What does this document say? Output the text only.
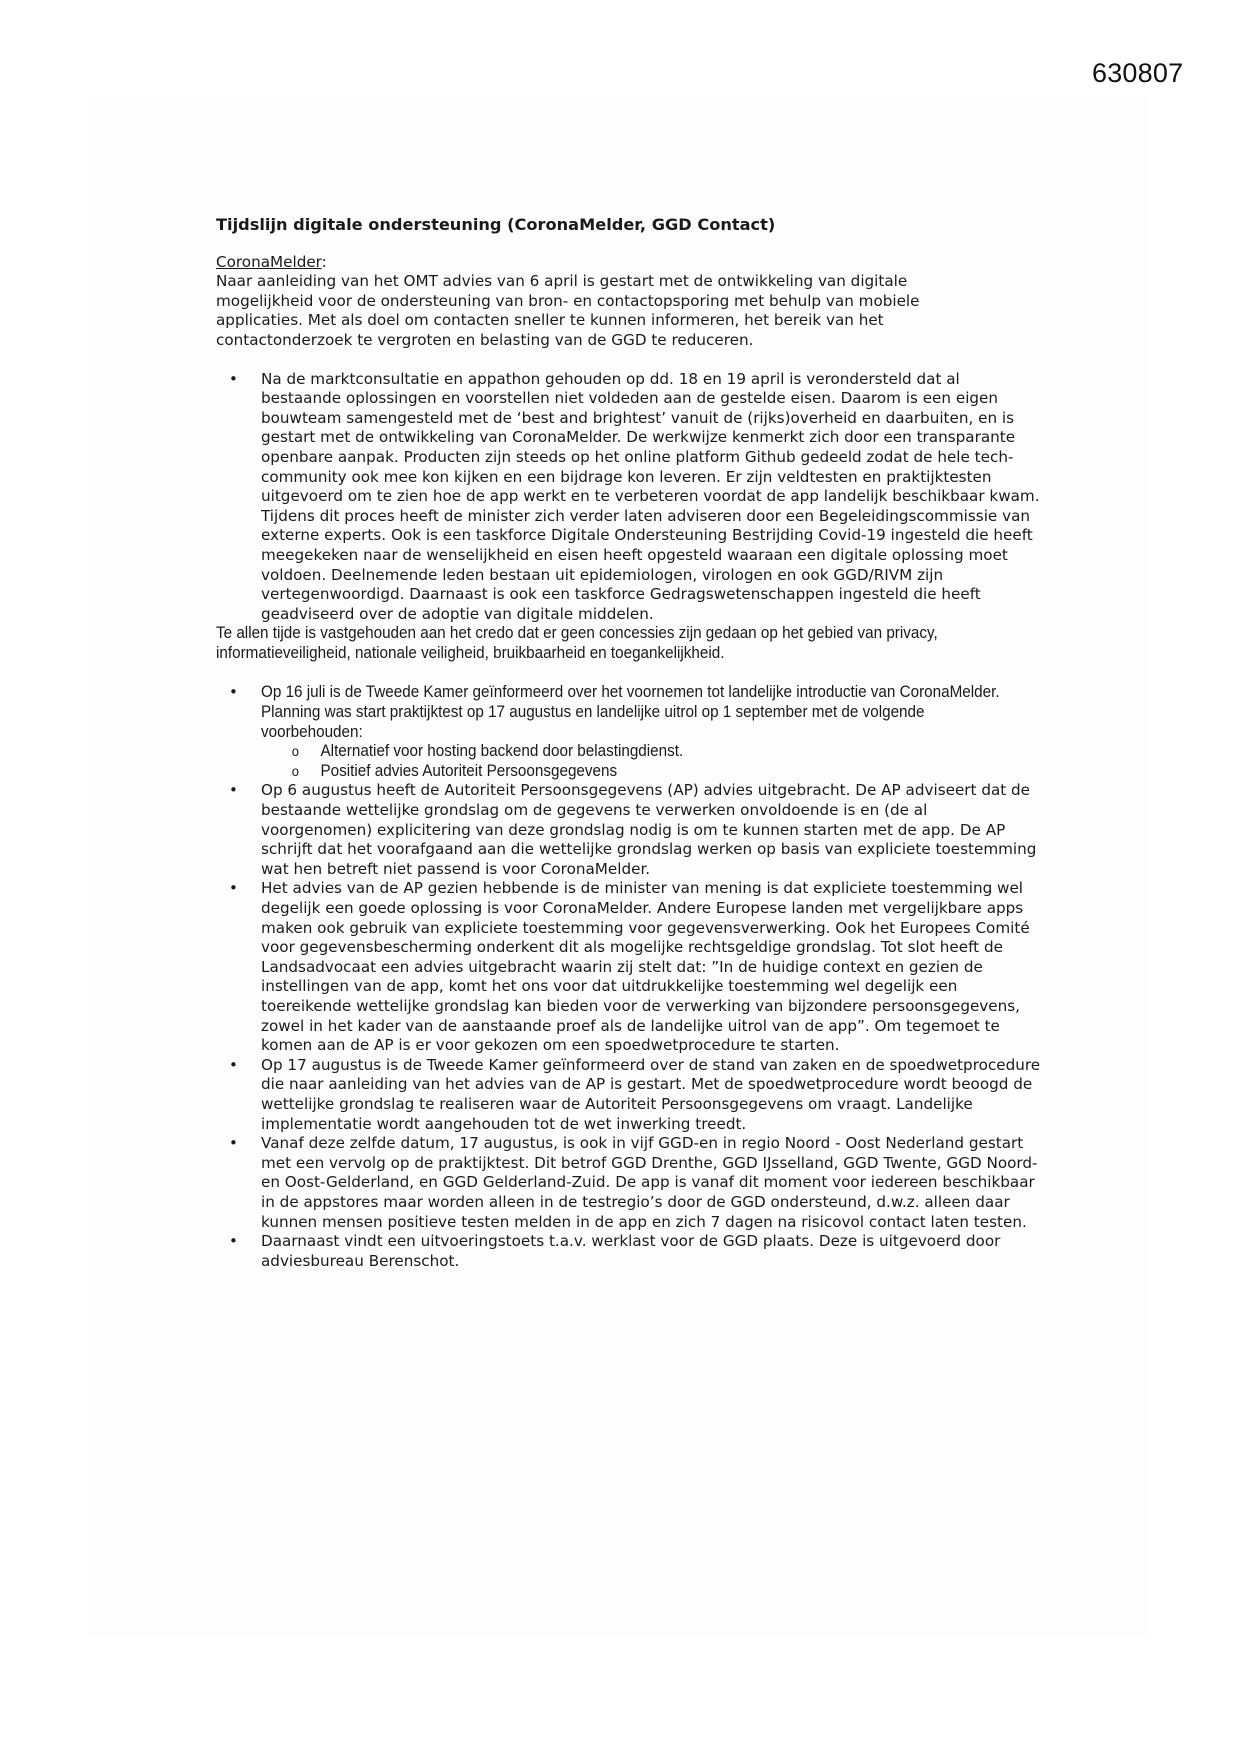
630807
Tijdslijn digitale ondersteuning (CoronaMelder, GGD Contact)
CoronaMelder:

Naar aanleiding van het OMT advies van 6 april is gestart met de ontwikkeling van digitale mogelijkheid voor de ondersteuning van bron- en contactopsporing met behulp van mobiele applicaties. Met als doel om contacten sneller te kunnen informeren, het bereik van het contactonderzoek te vergroten en belasting van de GGD te reduceren.

• Na de marktconsultatie en appathon gehouden op dd. 18 en 19 april is verondersteld dat al bestaande oplossingen en voorstellen niet voldeden aan de gestelde eisen. Daarom is een eigen bouwteam samengesteld met de ‘best and brightest’ vanuit de (rijks)overheid en daarbuiten, en is gestart met de ontwikkeling van CoronaMelder. De werkwijze kenmerkt zich door een transparante openbare aanpak. Producten zijn steeds op het online platform Github gedeeld zodat de hele tech-community ook mee kon kijken en een bijdrage kon leveren. Er zijn veldtesten en praktijktesten uitgevoerd om te zien hoe de app werkt en te verbeteren voordat de app landelijk beschikbaar kwam. Tijdens dit proces heeft de minister zich verder laten adviseren door een Begeleidingscommissie van externe experts. Ook is een taskforce Digitale Ondersteuning Bestrijding Covid-19 ingesteld die heeft meegekeken naar de wenselijkheid en eisen heeft opgesteld waaraan een digitale oplossing moet voldoen. Deelnemende leden bestaan uit epidemiologen, virologen en ook GGD/RIVM zijn vertegenwoordigd. Daarnaast is ook een taskforce Gedragswetenschappen ingesteld die heeft geadviseerd over de adoptie van digitale middelen.

Te allen tijde is vastgehouden aan het credo dat er geen concessies zijn gedaan op het gebied van privacy, informatieveiligheid, nationale veiligheid, bruikbaarheid en toegankelijkheid.

• Op 16 juli is de Tweede Kamer geïnformeerd over het voornemen tot landelijke introductie van CoronaMelder. Planning was start praktijktest op 17 augustus en landelijke uitrol op 1 september met de volgende voorbehouden:
o Alternatief voor hosting backend door belastingdienst.
o Positief advies Autoriteit Persoonsgegevens
• Op 6 augustus heeft de Autoriteit Persoonsgegevens (AP) advies uitgebracht. De AP adviseert dat de bestaande wettelijke grondslag om de gegevens te verwerken onvoldoende is en (de al voorgenomen) explicitering van deze grondslag nodig is om te kunnen starten met de app. De AP schrijft dat het voorafgaand aan die wettelijke grondslag werken op basis van expliciete toestemming wat hen betreft niet passend is voor CoronaMelder.
• Het advies van de AP gezien hebbende is de minister van mening is dat expliciete toestemming wel degelijk een goede oplossing is voor CoronaMelder. Andere Europese landen met vergelijkbare apps maken ook gebruik van expliciete toestemming voor gegevensverwerking. Ook het Europees Comité voor gegevensbescherming onderkent dit als mogelijke rechtsgeldige grondslag. Tot slot heeft de Landsadvocaat een advies uitgebracht waarin zij stelt dat: ”In de huidige context en gezien de instellingen van de app, komt het ons voor dat uitdrukkelijke toestemming wel degelijk een toereikende wettelijke grondslag kan bieden voor de verwerking van bijzondere persoonsgegevens, zowel in het kader van de aanstaande proef als de landelijke uitrol van de app”. Om tegemoet te komen aan de AP is er voor gekozen om een spoedwetprocedure te starten.
• Op 17 augustus is de Tweede Kamer geïnformeerd over de stand van zaken en de spoedwetprocedure die naar aanleiding van het advies van de AP is gestart. Met de spoedwetprocedure wordt beoogd de wettelijke grondslag te realiseren waar de Autoriteit Persoonsgegevens om vraagt. Landelijke implementatie wordt aangehouden tot de wet inwerking treedt.
• Vanaf deze zelfde datum, 17 augustus, is ook in vijf GGD-en in regio Noord - Oost Nederland gestart met een vervolg op de praktijktest. Dit betrof GGD Drenthe, GGD IJsselland, GGD Twente, GGD Noord- en Oost-Gelderland, en GGD Gelderland-Zuid. De app is vanaf dit moment voor iedereen beschikbaar in de appstores maar worden alleen in de testregio’s door de GGD ondersteund, d.w.z. alleen daar kunnen mensen positieve testen melden in de app en zich 7 dagen na risicovol contact laten testen.
• Daarnaast vindt een uitvoeringstoets t.a.v. werklast voor de GGD plaats. Deze is uitgevoerd door adviesbureau Berenschot.
